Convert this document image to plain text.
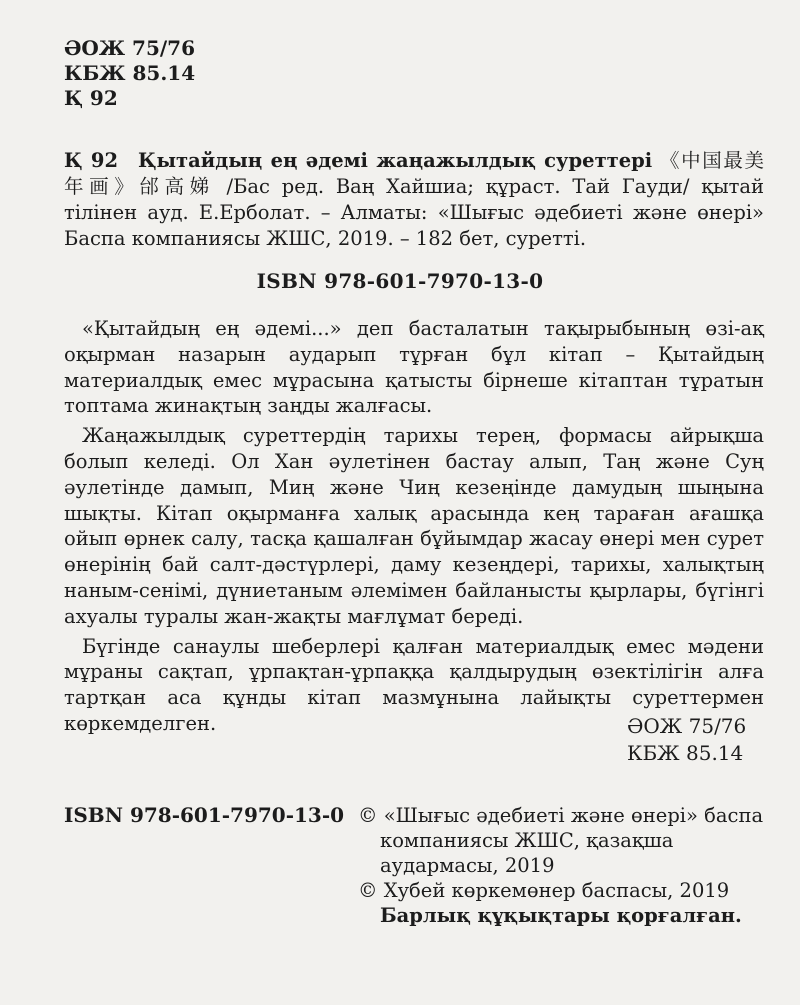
ӘОЖ 75/76
КБЖ 85.14
Қ 92
Қ 92 Қытайдың ең әдемі жаңажылдық суреттері 《中国最美年画》邰高娣 /Бас ред. Ваң Хайшиа; құраст. Тай Гауди/ қытай тілінен ауд. Е.Ерболат. – Алматы: «Шығыс әдебиеті және өнері» Баспа компаниясы ЖШС, 2019. – 182 бет, суретті.
ISBN 978-601-7970-13-0

«Қытайдың ең әдемі...» деп басталатын тақырыбының өзі-ақ оқырман назарын аударып тұрған бұл кітап – Қытайдың материалдық емес мұрасына қатысты бірнеше кітаптан тұратын топтама жинақтың заңды жалғасы.

Жаңажылдық суреттердің тарихы терең, формасы айрықша болып келеді. Ол Хан әулетінен бастау алып, Таң және Суң әулетінде дамып, Миң және Чиң кезеңінде дамудың шыңына шықты. Кітап оқырманға халық арасында кең тараған ағашқа ойып өрнек салу, тасқа қашалған бұйымдар жасау өнері мен сурет өнерінің бай салт-дәстүрлері, даму кезеңдері, тарихы, халықтың наным-сенімі, дүниетаным әлемімен байланысты қырлары, бүгінгі ахуалы туралы жан-жақты мағлұмат береді.

Бүгінде санаулы шеберлері қалған материалдық емес мәдени мұраны сақтап, ұрпақтан-ұрпаққа қалдырудың өзектілігін алға тартқан аса құнды кітап мазмұнына лайықты суреттермен көркемделген.	ӘОЖ 75/76
КБЖ 85.14
ISBN 978-601-7970-13-0 © «Шығыс әдебиеті және өнері» баспа
компаниясы ЖШС, қазақша
аудармасы, 2019
© Хубей көркемөнер баспасы, 2019
Барлық құқықтары қорғалған.
